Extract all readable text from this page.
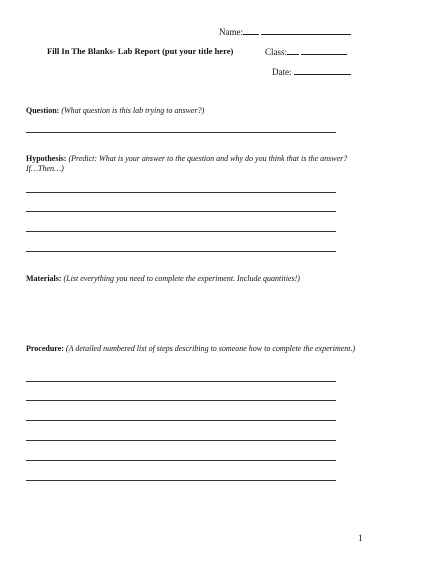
Name:
Fill In The Blanks- Lab Report (put your title here)	Class:
Date:
Question: (What question is this lab trying to answer?)
Hypothesis: (Predict: What is your answer to the question and why do you think that is the answer? If…Then…)
Materials: (List everything you need to complete the experiment. Include quantities!)
Procedure: (A detailed numbered list of steps describing to someone how to complete the experiment.)
1
